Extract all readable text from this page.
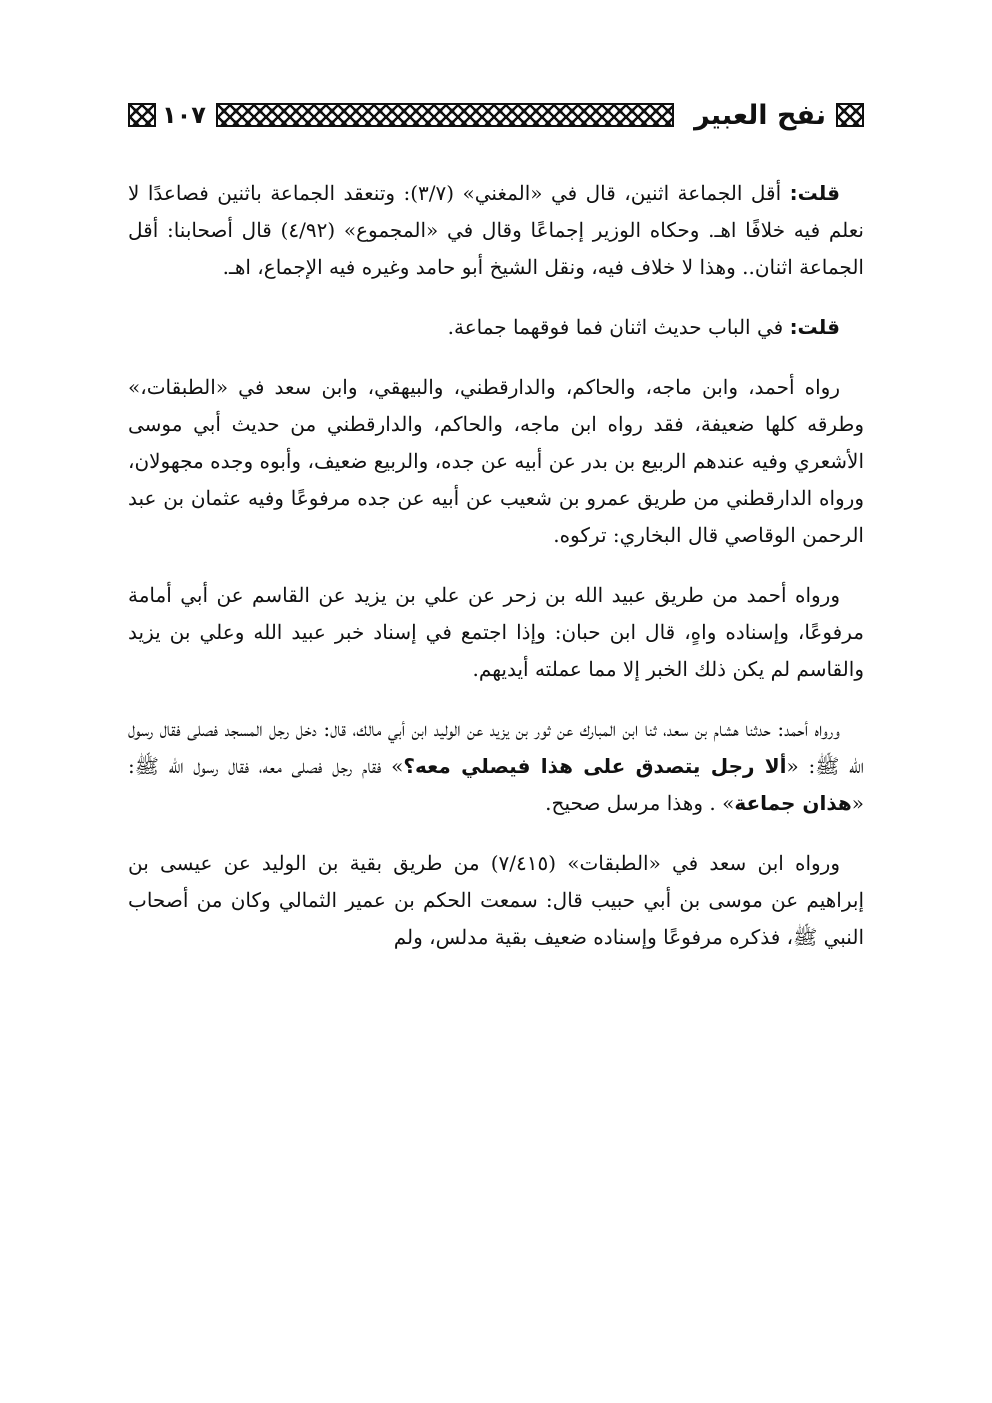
نفح العبير
١٠٧

قلت: أقل الجماعة اثنين، قال في «المغني» (٣/٧): وتنعقد الجماعة باثنين فصاعدًا لا نعلم فيه خلافًا اهـ. وحكاه الوزير إجماعًا وقال في «المجموع» (٤/٩٢) قال أصحابنا: أقل الجماعة اثنان.. وهذا لا خلاف فيه، ونقل الشيخ أبو حامد وغيره فيه الإجماع، اهـ.

قلت: في الباب حديث اثنان فما فوقهما جماعة.

رواه أحمد، وابن ماجه، والحاكم، والدارقطني، والبيهقي، وابن سعد في «الطبقات،» وطرقه كلها ضعيفة، فقد رواه ابن ماجه، والحاكم، والدارقطني من حديث أبي موسى الأشعري وفيه عندهم الربيع بن بدر عن أبيه عن جده، والربيع ضعيف، وأبوه وجده مجهولان، ورواه الدارقطني من طريق عمرو بن شعيب عن أبيه عن جده مرفوعًا وفيه عثمان بن عبد الرحمن الوقاصي قال البخاري: تركوه.

ورواه أحمد من طريق عبيد الله بن زحر عن علي بن يزيد عن القاسم عن أبي أمامة مرفوعًا، وإسناده واهٍ، قال ابن حبان: وإذا اجتمع في إسناد خبر عبيد الله وعلي بن يزيد والقاسم لم يكن ذلك الخبر إلا مما عملته أيديهم.

ورواه أحمد: حدثنا هشام بن سعد، ثنا ابن المبارك عن ثور بن يزيد عن الوليد ابن أبي مالك، قال: دخل رجل المسجد فصلى فقال رسول الله ﷺ: «ألا رجل يتصدق على هذا فيصلي معه؟» فقام رجل فصلى معه، فقال رسول الله ﷺ: «هذان جماعة» . وهذا مرسل صحيح.

ورواه ابن سعد في «الطبقات» (٧/٤١٥) من طريق بقية بن الوليد عن عيسى بن إبراهيم عن موسى بن أبي حبيب قال: سمعت الحكم بن عمير الثمالي وكان من أصحاب النبي ﷺ، فذكره مرفوعًا وإسناده ضعيف بقية مدلس، ولم
